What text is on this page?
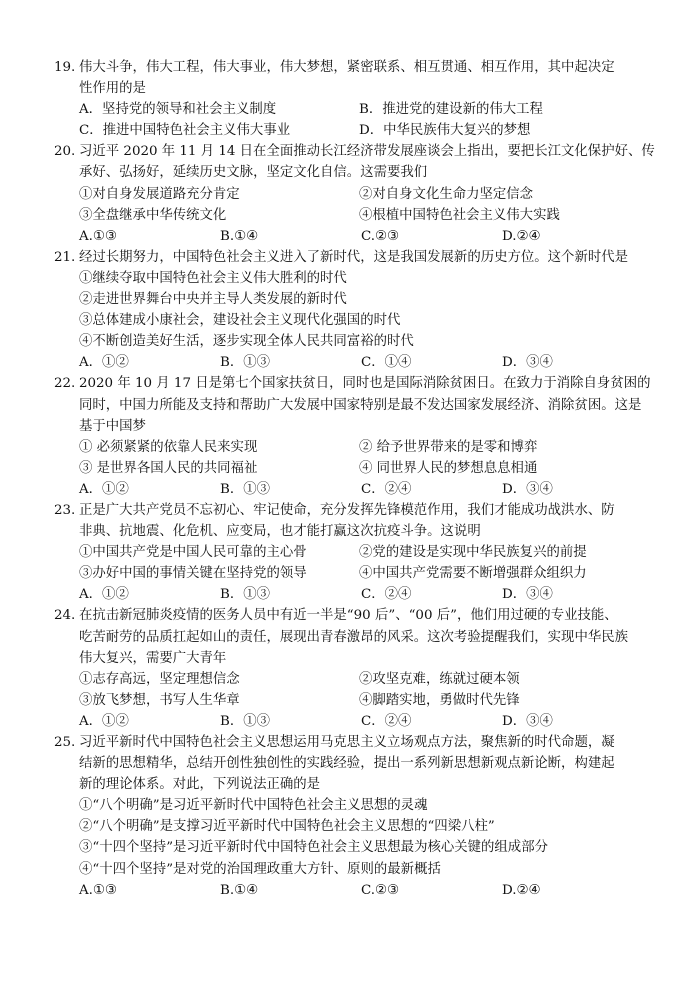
19. 伟大斗争，伟大工程，伟大事业，伟大梦想，紧密联系、相互贯通、相互作用，其中起决定
性作用的是
A．坚持党的领导和社会主义制度	B．推进党的建设新的伟大工程
C．推进中国特色社会主义伟大事业	D．中华民族伟大复兴的梦想
20. 习近平 2020 年 11 月 14 日在全面推动长江经济带发展座谈会上指出，要把长江文化保护好、传
承好、弘扬好，延续历史文脉，坚定文化自信。这需要我们
①对自身发展道路充分肯定	②对自身文化生命力坚定信念
③全盘继承中华传统文化	④根植中国特色社会主义伟大实践
A.①③	B.①④	C.②③	D.②④
21. 经过长期努力，中国特色社会主义进入了新时代，这是我国发展新的历史方位。这个新时代是
①继续夺取中国特色社会主义伟大胜利的时代
②走进世界舞台中央并主导人类发展的新时代
③总体建成小康社会，建设社会主义现代化强国的时代
④不断创造美好生活，逐步实现全体人民共同富裕的时代
A．①②	B．①③	C．①④	D．③④
22. 2020 年 10 月 17 日是第七个国家扶贫日，同时也是国际消除贫困日。在致力于消除自身贫困的
同时，中国力所能及支持和帮助广大发展中国家特别是最不发达国家发展经济、消除贫困。这是
基于中国梦
① 必须紧紧的依靠人民来实现	② 给予世界带来的是零和博弈
③ 是世界各国人民的共同福祉	④ 同世界人民的梦想息息相通
A．①②	B．①③	C．②④	D．③④
23. 正是广大共产党员不忘初心、牢记使命，充分发挥先锋模范作用，我们才能成功战洪水、防
非典、抗地震、化危机、应变局，也才能打赢这次抗疫斗争。这说明
①中国共产党是中国人民可靠的主心骨	②党的建设是实现中华民族复兴的前提
③办好中国的事情关键在坚持党的领导	④中国共产党需要不断增强群众组织力
A．①②	B．①③	C．②④	D．③④
24. 在抗击新冠肺炎疫情的医务人员中有近一半是“90 后”、“00 后”，他们用过硬的专业技能、
吃苦耐劳的品质扛起如山的责任，展现出青春激昂的风采。这次考验提醒我们，实现中华民族
伟大复兴，需要广大青年
①志存高远，坚定理想信念	②攻坚克难，练就过硬本领
③放飞梦想，书写人生华章	④脚踏实地，勇做时代先锋
A．①②	B．①③	C．②④	D．③④
25. 习近平新时代中国特色社会主义思想运用马克思主义立场观点方法，聚焦新的时代命题，凝
结新的思想精华，总结开创性独创性的实践经验，提出一系列新思想新观点新论断，构建起
新的理论体系。对此，下列说法正确的是
①“八个明确”是习近平新时代中国特色社会主义思想的灵魂
②“八个明确”是支撑习近平新时代中国特色社会主义思想的“四梁八柱”
③“十四个坚持”是习近平新时代中国特色社会主义思想最为核心关键的组成部分
④“十四个坚持”是对党的治国理政重大方针、原则的最新概括
A.①③	B.①④	C.②③	D.②④
